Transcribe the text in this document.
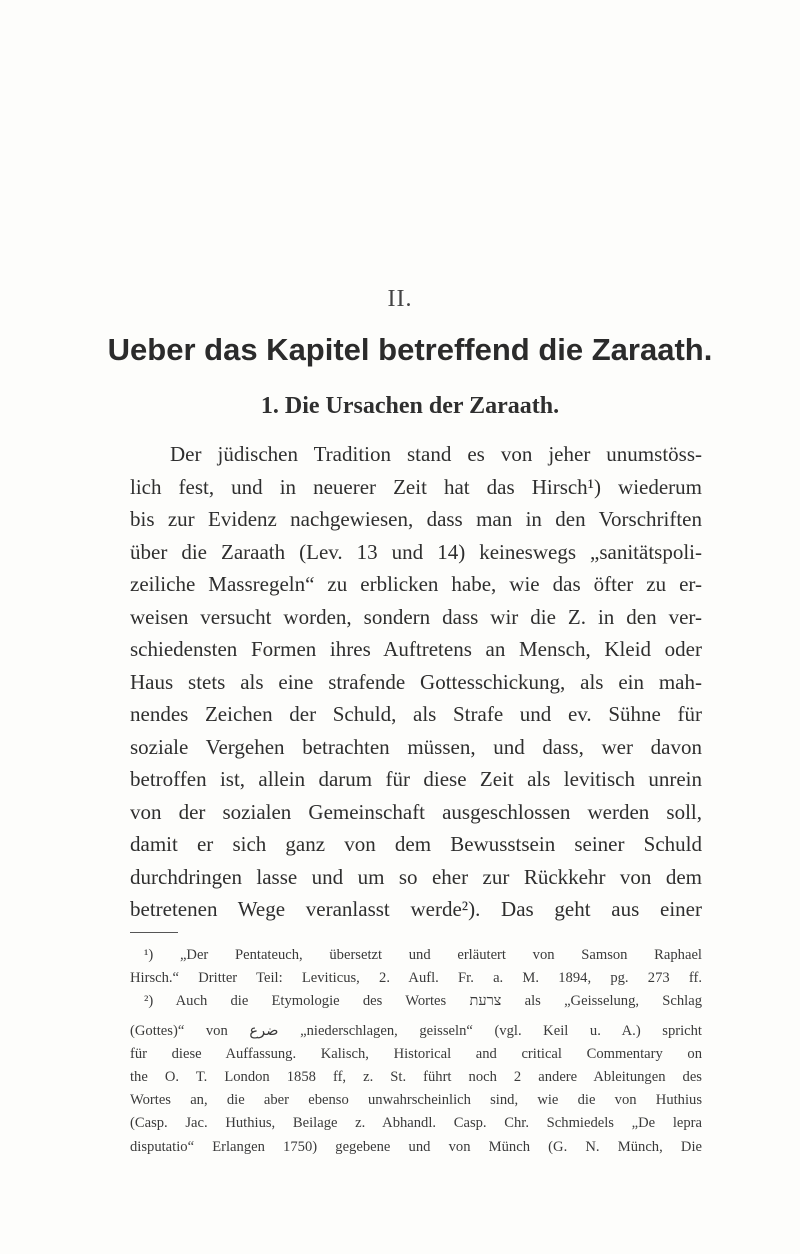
II.
Ueber das Kapitel betreffend die Zaraath.
1. Die Ursachen der Zaraath.
Der jüdischen Tradition stand es von jeher unumstöss-
lich fest, und in neuerer Zeit hat das Hirsch¹) wiederum
bis zur Evidenz nachgewiesen, dass man in den Vorschriften
über die Zaraath (Lev. 13 und 14) keineswegs „sanitätspoli-
zeiliche Massregeln“ zu erblicken habe, wie das öfter zu er-
weisen versucht worden, sondern dass wir die Z. in den ver-
schiedensten Formen ihres Auftretens an Mensch, Kleid oder
Haus stets als eine strafende Gottesschickung, als ein mah-
nendes Zeichen der Schuld, als Strafe und ev. Sühne für
soziale Vergehen betrachten müssen, und dass, wer davon
betroffen ist, allein darum für diese Zeit als levitisch unrein
von der sozialen Gemeinschaft ausgeschlossen werden soll,
damit er sich ganz von dem Bewusstsein seiner Schuld
durchdringen lasse und um so eher zur Rückkehr von dem
betretenen Wege veranlasst werde²). Das geht aus einer
¹) „Der Pentateuch, übersetzt und erläutert von Samson Raphael
Hirsch.“ Dritter Teil: Leviticus, 2. Aufl. Fr. a. M. 1894, pg. 273 ff.
²) Auch die Etymologie des Wortes צרעת als „Geisselung, Schlag
(Gottes)“ von ضرع „niederschlagen, geisseln“ (vgl. Keil u. A.) spricht
für diese Auffassung. Kalisch, Historical and critical Commentary on
the O. T. London 1858 ff, z. St. führt noch 2 andere Ableitungen des
Wortes an, die aber ebenso unwahrscheinlich sind, wie die von Huthius
(Casp. Jac. Huthius, Beilage z. Abhandl. Casp. Chr. Schmiedels „De lepra
disputatio“ Erlangen 1750) gegebene und von Münch (G. N. Münch, Die
